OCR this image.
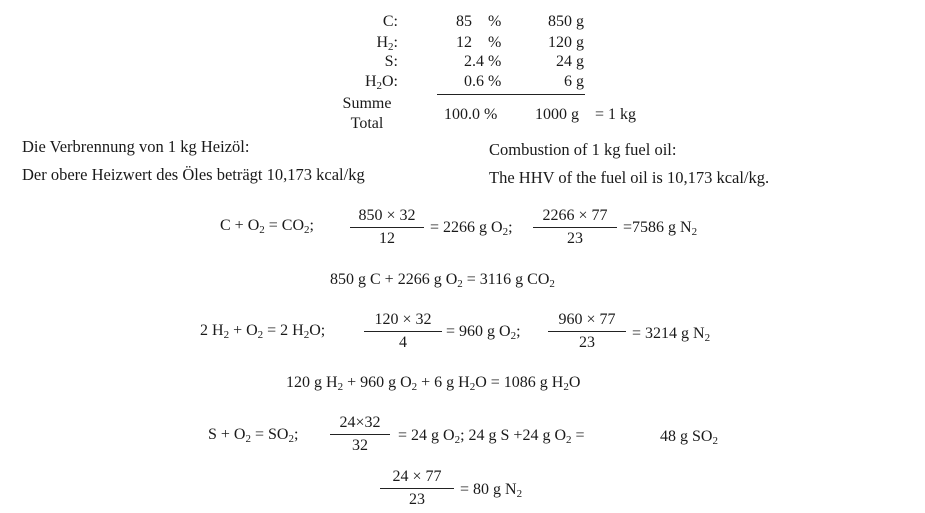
C:	85 %	850 g
$H_2$:	12 %	120 g
S:	2.4 %	24 g
$H_2O$:	0.6 %	6 g
Summe
Total
100.0 % 1000 g = 1 kg
Die Verbrennung von 1 kg Heizöl:
Der obere Heizwert des Öles beträgt 10,173 kcal/kg
Combustion of 1 kg fuel oil:
The HHV of the fuel oil is 10,173 kcal/kg.
$C + O_2 = CO_2$;
850 × 32
12
= 2266 g $O_2$;
2266 × 77
23
=7586 g $N_2$
850 g C + 2266 g $O_2 = 3116$ g $CO_2$
2 $H_2 + O_2 = 2$ $H_2O$;
120 × 32
4
= 960 g $O_2$;
960 × 77
23
= 3214 g $N_2$
120 g $H_2 + 960$ g $O_2 + 6$ g $H_2O = 1086$ g $H_2O$
$S + O_2 = SO_2$;
24×32
32
= 24 g $O_2$; 24 g S +24 g $O_2$ =	48 g $SO_2$
24 × 77
23
= 80 g $N_2$
